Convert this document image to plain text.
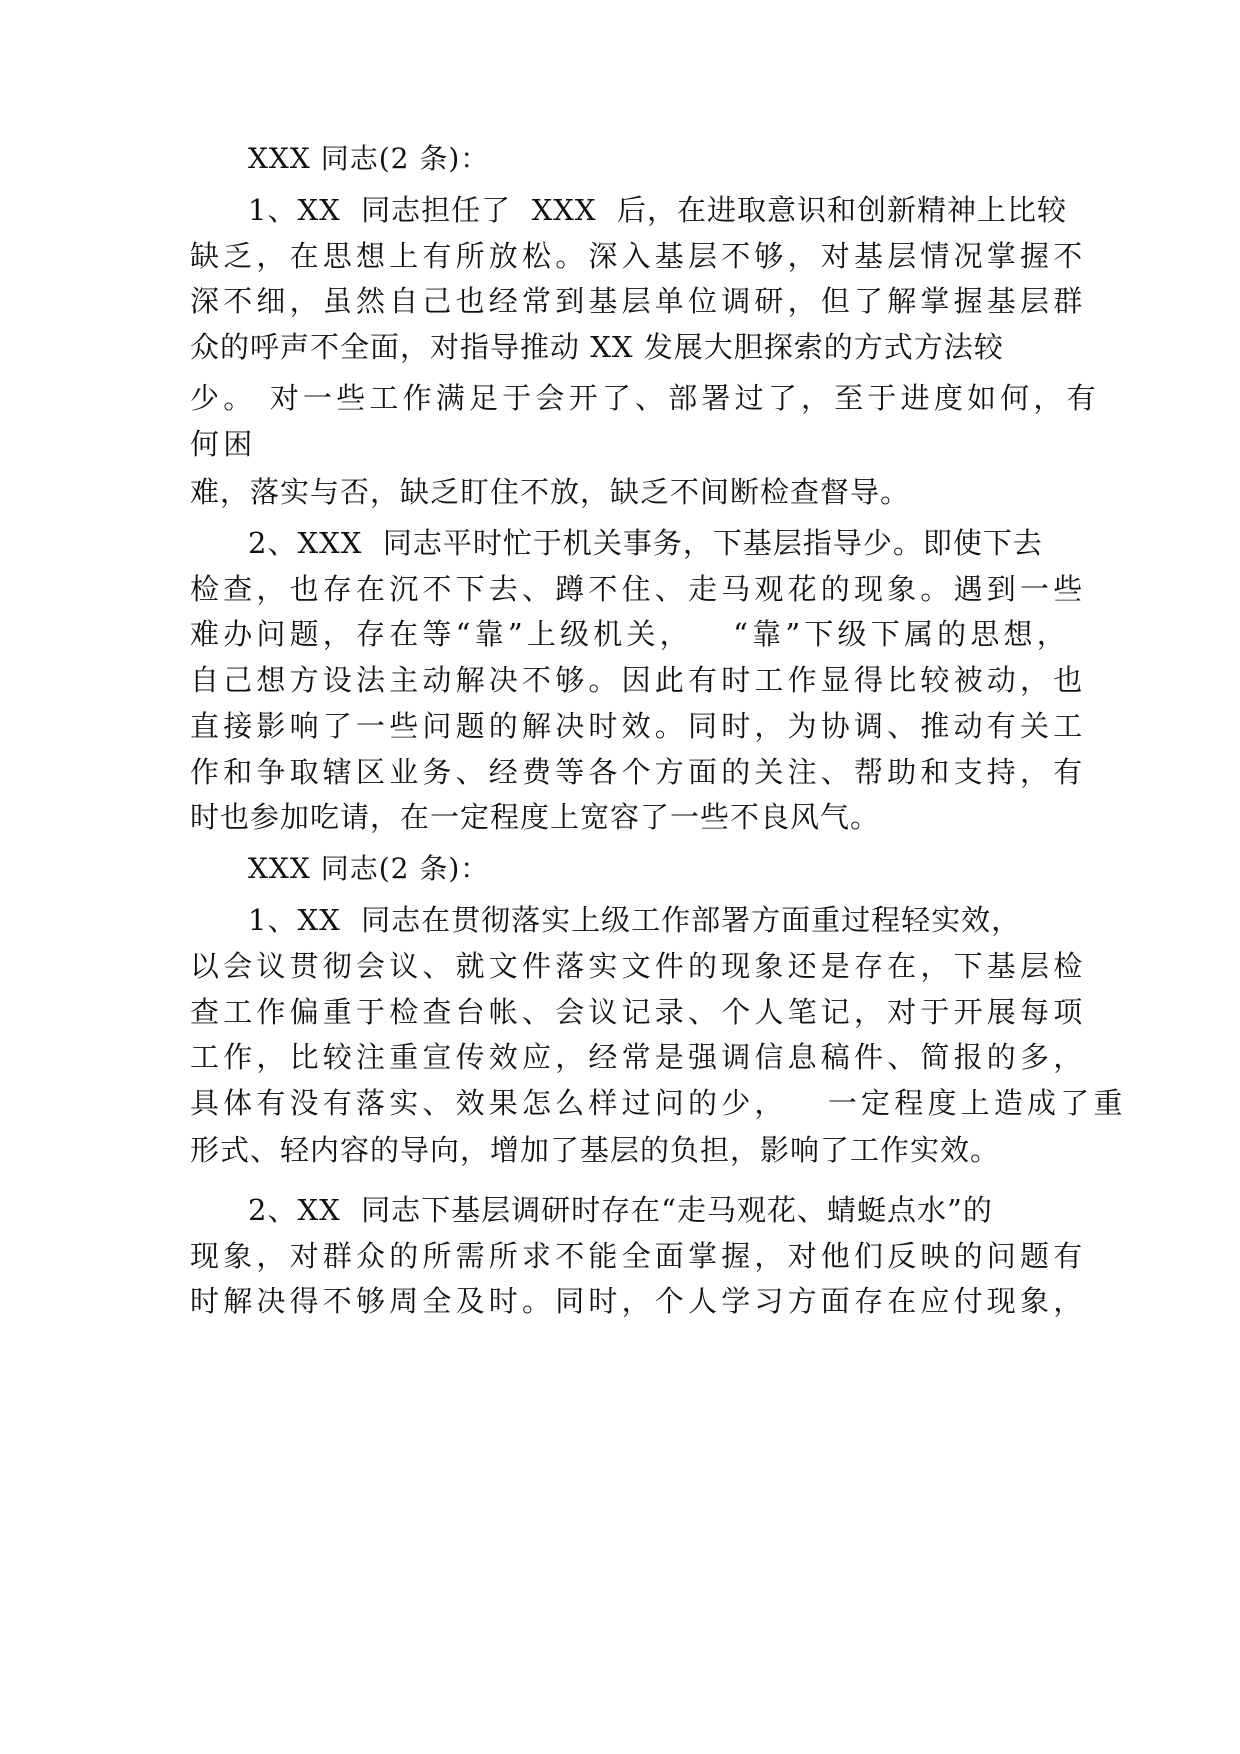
XXX 同志(2 条)：
1、XX  同志担任了  XXX  后，在进取意识和创新精神上比较
缺乏，在思想上有所放松。深入基层不够，对基层情况掌握不
深不细，虽然自己也经常到基层单位调研，但了解掌握基层群
众的呼声不全面，对指导推动 XX 发展大胆探索的方式方法较
少。 对一些工作满足于会开了、部署过了，至于进度如何，有
何困
难，落实与否，缺乏盯住不放，缺乏不间断检查督导。
2、XXX  同志平时忙于机关事务，下基层指导少。即使下去
检查，也存在沉不下去、蹲不住、走马观花的现象。遇到一些
难办问题，存在等“靠”上级机关，   “靠”下级下属的思想，
自己想方设法主动解决不够。因此有时工作显得比较被动，也
直接影响了一些问题的解决时效。同时，为协调、推动有关工
作和争取辖区业务、经费等各个方面的关注、帮助和支持，有
时也参加吃请，在一定程度上宽容了一些不良风气。
XXX 同志(2 条)：
1、XX  同志在贯彻落实上级工作部署方面重过程轻实效，
以会议贯彻会议、就文件落实文件的现象还是存在，下基层检
查工作偏重于检查台帐、会议记录、个人笔记，对于开展每项
工作，比较注重宣传效应，经常是强调信息稿件、简报的多，
具体有没有落实、效果怎么样过问的少，   一定程度上造成了重
形式、轻内容的导向，增加了基层的负担，影响了工作实效。
2、XX  同志下基层调研时存在“走马观花、蜻蜓点水”的
现象，对群众的所需所求不能全面掌握，对他们反映的问题有
时解决得不够周全及时。同时，个人学习方面存在应付现象，
